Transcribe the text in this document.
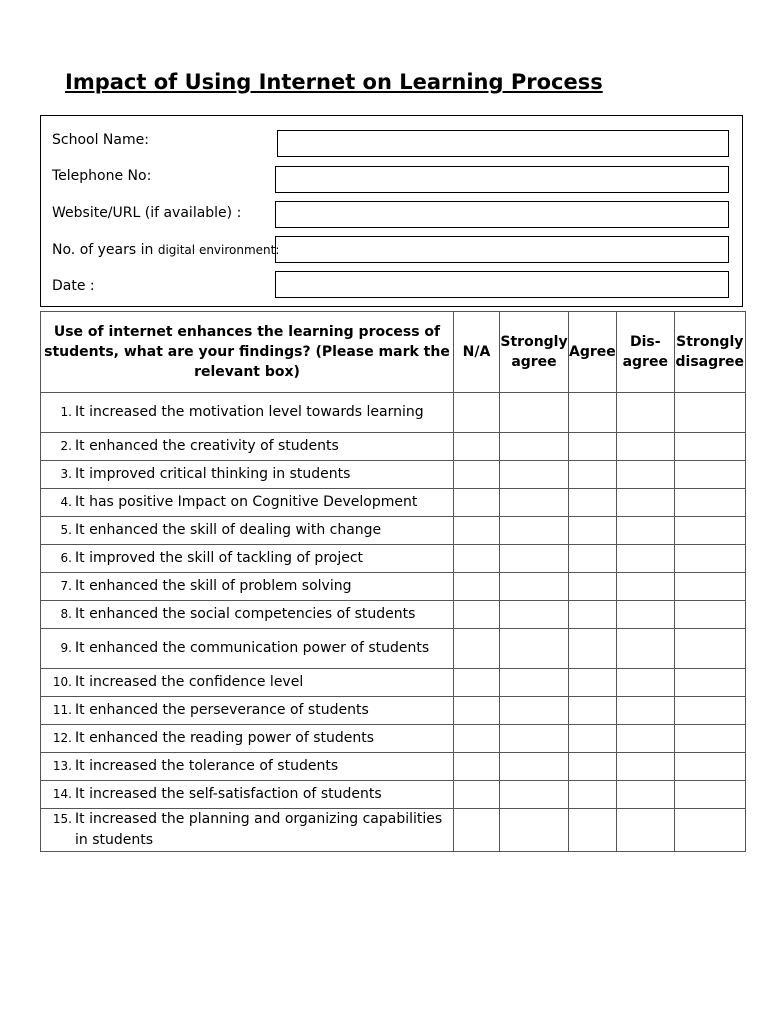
Impact of Using Internet on Learning Process
School Name:
Telephone No:
Website/URL (if available) :
No. of years in digital environment:
Date :
Use of internet enhances the learning process of students, what are your findings? (Please mark the relevant box)	N/A	Strongly agree	Agree	Dis-agree	Strongly disagree

1. It increased the motivation level towards learning					

2. It enhanced the creativity of students					

3. It improved critical thinking in students					

4. It has positive Impact on Cognitive Development					

5. It enhanced the skill of dealing with change					

6. It improved the skill of tackling of project					

7. It enhanced the skill of problem solving					

8. It enhanced the social competencies of students					

9. It enhanced the communication power of students					

10. It increased the confidence level					

11. It enhanced the perseverance of students					

12. It enhanced the reading power of students					

13. It increased the tolerance of students					

14. It increased the self-satisfaction of students					

15. It increased the planning and organizing capabilities in students					
